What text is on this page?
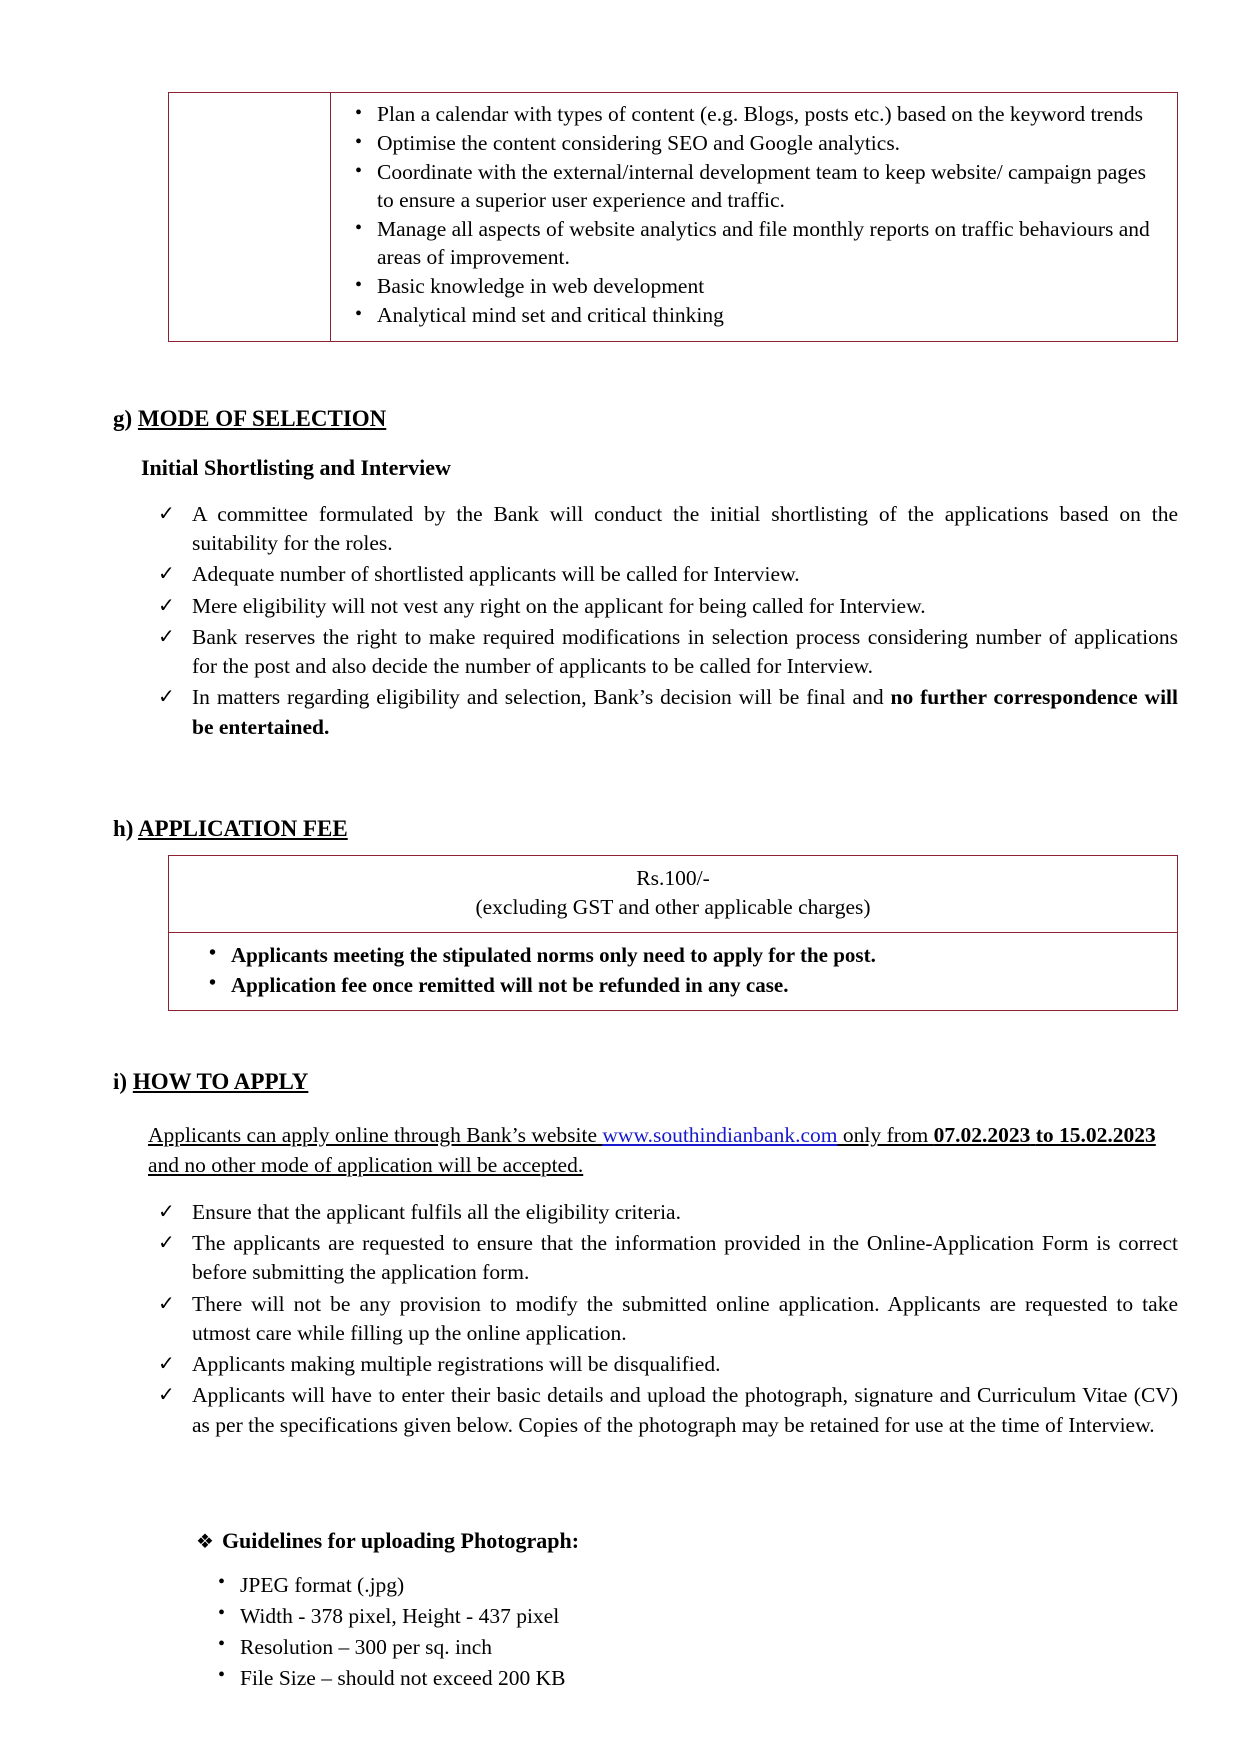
• Plan a calendar with types of content (e.g. Blogs, posts etc.) based on the keyword trends
• Optimise the content considering SEO and Google analytics.
• Coordinate with the external/internal development team to keep website/ campaign pages to ensure a superior user experience and traffic.
• Manage all aspects of website analytics and file monthly reports on traffic behaviours and areas of improvement.
• Basic knowledge in web development
• Analytical mind set and critical thinking
g) MODE OF SELECTION
Initial Shortlisting and Interview
✓ A committee formulated by the Bank will conduct the initial shortlisting of the applications based on the suitability for the roles.
✓ Adequate number of shortlisted applicants will be called for Interview.
✓ Mere eligibility will not vest any right on the applicant for being called for Interview.
✓ Bank reserves the right to make required modifications in selection process considering number of applications for the post and also decide the number of applicants to be called for Interview.
✓ In matters regarding eligibility and selection, Bank’s decision will be final and no further correspondence will be entertained.
h) APPLICATION FEE
Rs.100/-
(excluding GST and other applicable charges)
• Applicants meeting the stipulated norms only need to apply for the post.
• Application fee once remitted will not be refunded in any case.
i) HOW TO APPLY
Applicants can apply online through Bank’s website www.southindianbank.com only from 07.02.2023 to 15.02.2023 and no other mode of application will be accepted.
✓ Ensure that the applicant fulfils all the eligibility criteria.
✓ The applicants are requested to ensure that the information provided in the Online-Application Form is correct before submitting the application form.
✓ There will not be any provision to modify the submitted online application. Applicants are requested to take utmost care while filling up the online application.
✓ Applicants making multiple registrations will be disqualified.
✓ Applicants will have to enter their basic details and upload the photograph, signature and Curriculum Vitae (CV) as per the specifications given below. Copies of the photograph may be retained for use at the time of Interview.
❖ Guidelines for uploading Photograph:
• JPEG format (.jpg)
• Width - 378 pixel, Height - 437 pixel
• Resolution – 300 per sq. inch
• File Size – should not exceed 200 KB
